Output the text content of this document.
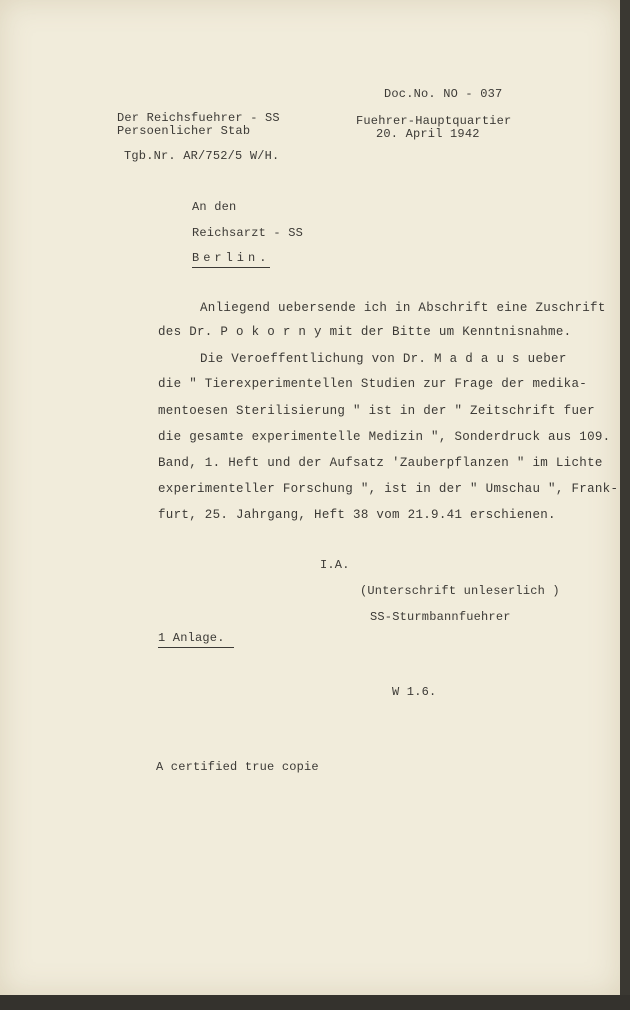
Doc.No. NO - 037
Der Reichsfuehrer - SS
Persoenlicher Stab
Fuehrer-Hauptquartier
20. April 1942
Tgb.Nr. AR/752/5 W/H.
An den
Reichsarzt - SS
Berlin.
Anliegend uebersende ich in Abschrift eine Zuschrift
des Dr. P o k o r n y mit der Bitte um Kenntnisnahme.
Die Veroeffentlichung von Dr. M a d a u s ueber
die " Tierexperimentellen Studien zur Frage der medika-
mentoesen Sterilisierung " ist in der " Zeitschrift fuer
die gesamte experimentelle Medizin ", Sonderdruck aus 109.
Band, 1. Heft und der Aufsatz 'Zauberpflanzen " im Lichte
experimenteller Forschung ", ist in der " Umschau ", Frank-
furt, 25. Jahrgang, Heft 38 vom 21.9.41 erschienen.
I.A.
(Unterschrift unleserlich )
SS-Sturmbannfuehrer
1 Anlage.
W 1.6.
A certified true copie
